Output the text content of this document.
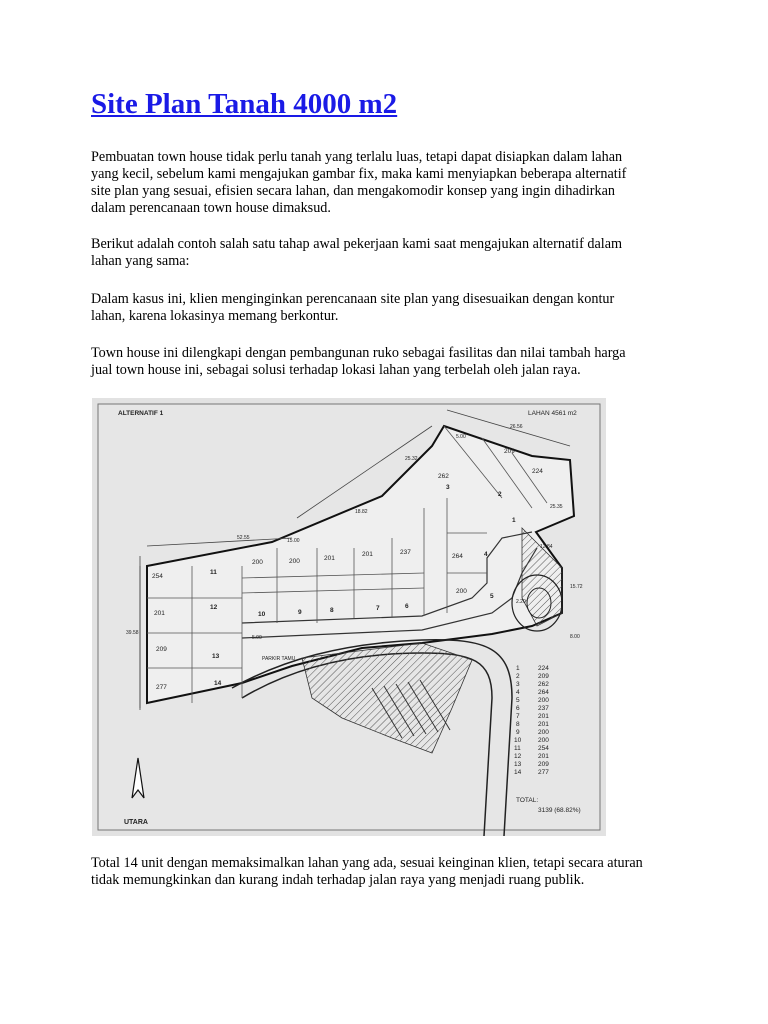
Site Plan Tanah 4000 m2

Pembuatan town house tidak perlu tanah yang terlalu luas, tetapi dapat disiapkan dalam lahan
yang kecil, sebelum kami mengajukan gambar fix, maka kami menyiapkan beberapa alternatif
site plan yang sesuai, efisien secara lahan, dan mengakomodir konsep yang ingin dihadirkan
dalam perencanaan town house dimaksud.

Berikut adalah contoh salah satu tahap awal pekerjaan kami saat mengajukan alternatif dalam
lahan yang sama:

Dalam kasus ini, klien menginginkan perencanaan site plan yang disesuaikan dengan kontur
lahan, karena lokasinya memang berkontur.

Town house ini dilengkapi dengan pembangunan ruko sebagai fasilitas dan nilai tambah harga
jual town house ini, sebagai solusi terhadap lokasi lahan yang terbelah oleh jalan raya.

ALTERNATIF 1	LAHAN 4561 m2
UTARA
PARKIR TAMU
5.00
26.56
25.32
18.82
52.55	15.00
39.58
25.35
12.84
15.72
2.20
8.00
5.00
1
2
3
4
5
6
7
8
9
10
11
12
13
14
224
209
262
264
200
237
201
201
200
200
254
201
209
277
1	224
2	209
3	262
4	264
5	200
6	237
7	201
8	201
9	200
10	200
11	254
12	201
13	209
14	277
TOTAL:
3139 (68.82%)

Total 14 unit dengan memaksimalkan lahan yang ada, sesuai keinginan klien, tetapi secara aturan
tidak memungkinkan dan kurang indah terhadap jalan raya yang menjadi ruang publik.
